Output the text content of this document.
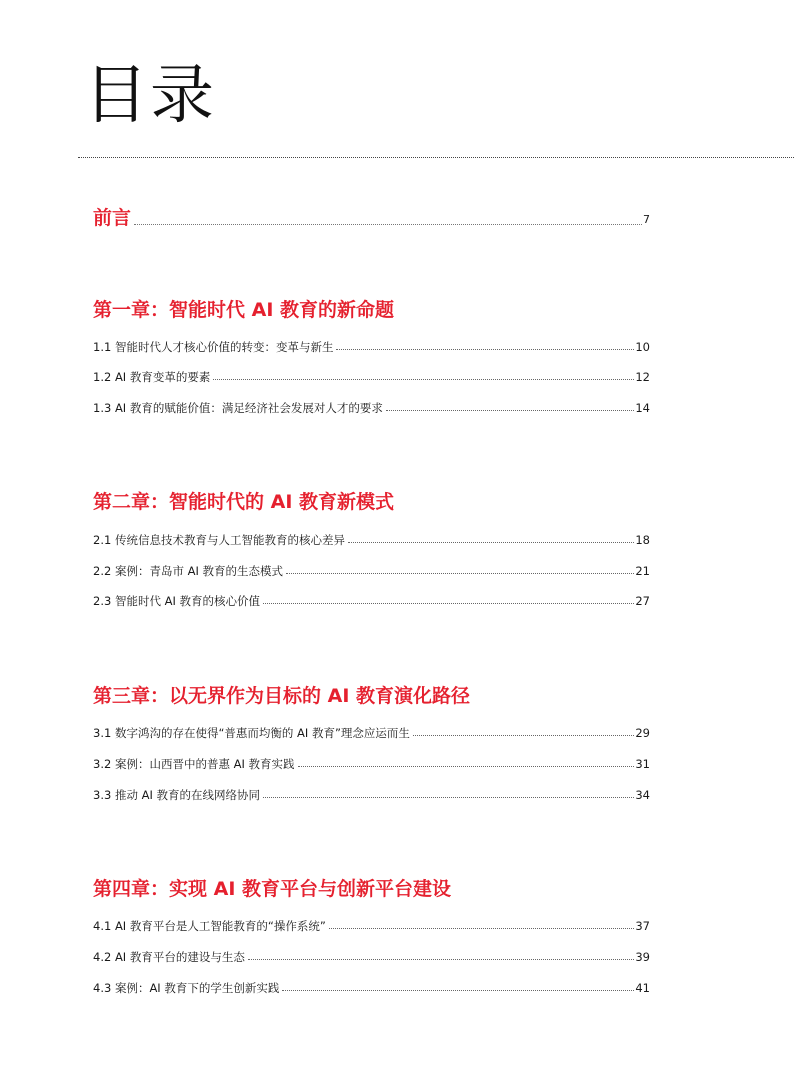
目录
前言	7
第一章：智能时代 AI 教育的新命题
1.1 智能时代人才核心价值的转变：变革与新生	10
1.2 AI 教育变革的要素	12
1.3 AI 教育的赋能价值：满足经济社会发展对人才的要求	14
第二章：智能时代的 AI 教育新模式
2.1 传统信息技术教育与人工智能教育的核心差异	18
2.2 案例：青岛市 AI 教育的生态模式	21
2.3 智能时代 AI 教育的核心价值	27
第三章：以无界作为目标的 AI 教育演化路径
3.1 数字鸿沟的存在使得“普惠而均衡的 AI 教育”理念应运而生	29
3.2 案例：山西晋中的普惠 AI 教育实践	31
3.3 推动 AI 教育的在线网络协同	34
第四章：实现 AI 教育平台与创新平台建设
4.1 AI 教育平台是人工智能教育的“操作系统”	37
4.2 AI 教育平台的建设与生态	39
4.3 案例：AI 教育下的学生创新实践	41
